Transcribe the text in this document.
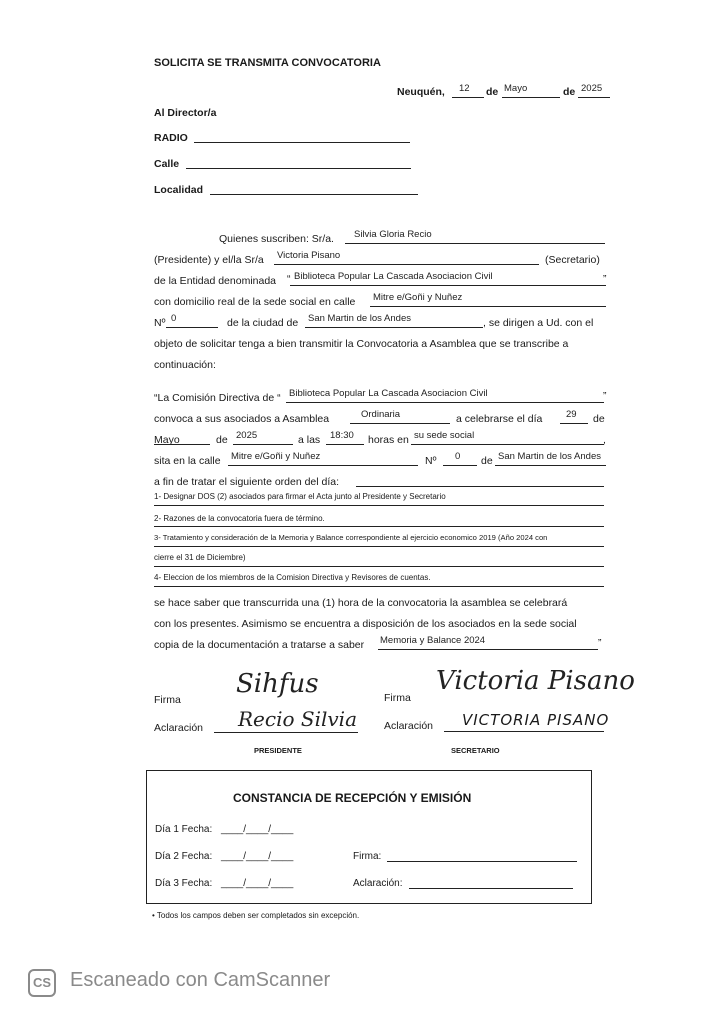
SOLICITA SE TRANSMITA CONVOCATORIA
Neuquén, 12 de Mayo	de 2025
Al Director/a
RADIO
Calle
Localidad
Quienes suscriben: Sr/a. Silvia Gloria Recio
(Presidente) y el/la Sr/a Victoria Pisano	(Secretario)
de la Entidad denominada “ Biblioteca Popular La Cascada Asociacion Civil	”
con domicilio real de la sede social en calle Mitre e/Goñi y Nuñez
Nº 0	de la ciudad de San Martin de los Andes	, se dirigen a Ud. con el
objeto de solicitar tenga a bien transmitir la Convocatoria a Asamblea que se transcribe a
continuación:
“La Comisión Directiva de “ Biblioteca Popular La Cascada Asociacion Civil	”
convoca a sus asociados a Asamblea	Ordinaria	a celebrarse el día 29 de
Mayo	de 2025	a las 18:30 horas en su sede social	,
sita en la calle Mitre e/Goñi y Nuñez	Nº 0 de San Martin de los Andes
a fin de tratar el siguiente orden del día:
1- Designar DOS (2) asociados para firmar el Acta junto al Presidente y Secretario
2- Razones de la convocatoria fuera de término.
3- Tratamiento y consideración de la Memoria y Balance correspondiente al ejercicio economico 2019 (Año 2024 con
cierre el 31 de Diciembre)
4- Eleccion de los miembros de la Comision Directiva y Revisores de cuentas.
se hace saber que transcurrida una (1) hora de la convocatoria la asamblea se celebrará
con los presentes. Asimismo se encuentra a disposición de los asociados en la sede social
copia de la documentación a tratarse a saber Memoria y Balance 2024	”
Firma
Sihfus
Aclaración Recio Silvia
PRESIDENTE
Firma
Victoria Pisano
Aclaración VICTORIA PISANO
SECRETARIO
CONSTANCIA DE RECEPCIÓN Y EMISIÓN
Día 1 Fecha: ____/____/____
Día 2 Fecha: ____/____/____	Firma:
Día 3 Fecha: ____/____/____	Aclaración:
• Todos los campos deben ser completados sin excepción.
CS Escaneado con CamScanner
